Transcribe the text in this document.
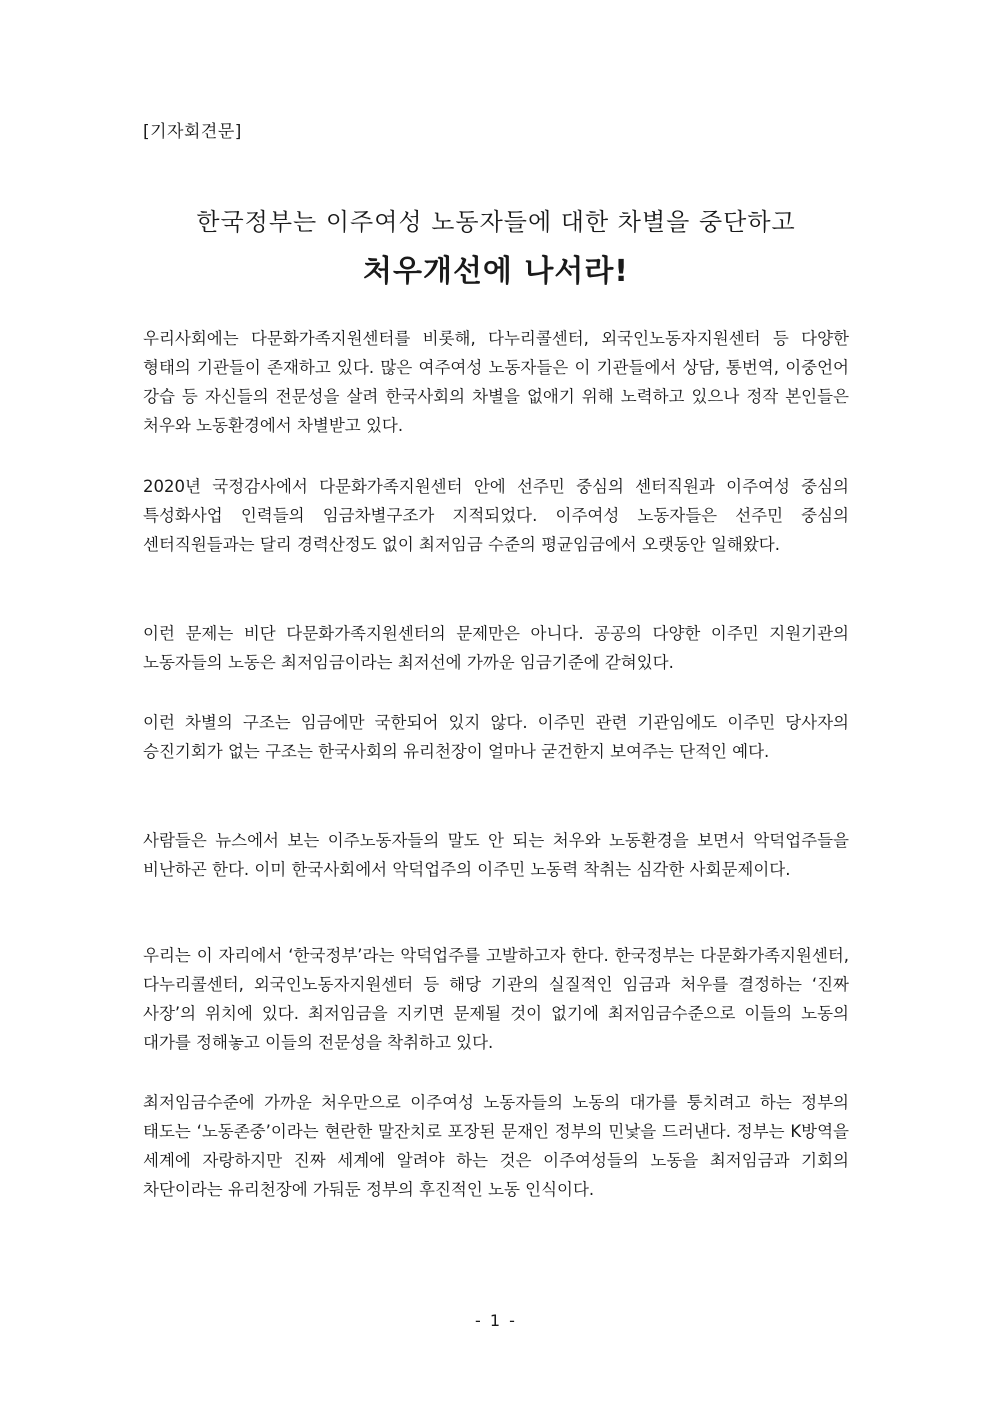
[기자회견문]
한국정부는 이주여성 노동자들에 대한 차별을 중단하고
처우개선에 나서라!
우리사회에는 다문화가족지원센터를 비롯해, 다누리콜센터, 외국인노동자지원센터 등 다양한 형태의 기관들이 존재하고 있다. 많은 여주여성 노동자들은 이 기관들에서 상담, 통번역, 이중언어 강습 등 자신들의 전문성을 살려 한국사회의 차별을 없애기 위해 노력하고 있으나 정작 본인들은 처우와 노동환경에서 차별받고 있다.
2020년 국정감사에서 다문화가족지원센터 안에 선주민 중심의 센터직원과 이주여성 중심의 특성화사업 인력들의 임금차별구조가 지적되었다. 이주여성 노동자들은 선주민 중심의 센터직원들과는 달리 경력산정도 없이 최저임금 수준의 평균임금에서 오랫동안 일해왔다.
이런 문제는 비단 다문화가족지원센터의 문제만은 아니다. 공공의 다양한 이주민 지원기관의 노동자들의 노동은 최저임금이라는 최저선에 가까운 임금기준에 갇혀있다.
이런 차별의 구조는 임금에만 국한되어 있지 않다. 이주민 관련 기관임에도 이주민 당사자의 승진기회가 없는 구조는 한국사회의 유리천장이 얼마나 굳건한지 보여주는 단적인 예다.
사람들은 뉴스에서 보는 이주노동자들의 말도 안 되는 처우와 노동환경을 보면서 악덕업주들을 비난하곤 한다. 이미 한국사회에서 악덕업주의 이주민 노동력 착취는 심각한 사회문제이다.
우리는 이 자리에서 ‘한국정부’라는 악덕업주를 고발하고자 한다. 한국정부는 다문화가족지원센터, 다누리콜센터, 외국인노동자지원센터 등 해당 기관의 실질적인 임금과 처우를 결정하는 ‘진짜 사장’의 위치에 있다. 최저임금을 지키면 문제될 것이 없기에 최저임금수준으로 이들의 노동의 대가를 정해놓고 이들의 전문성을 착취하고 있다.
최저임금수준에 가까운 처우만으로 이주여성 노동자들의 노동의 대가를 퉁치려고 하는 정부의 태도는 ‘노동존중’이라는 현란한 말잔치로 포장된 문재인 정부의 민낯을 드러낸다. 정부는 K방역을 세계에 자랑하지만 진짜 세계에 알려야 하는 것은 이주여성들의 노동을 최저임금과 기회의 차단이라는 유리천장에 가둬둔 정부의 후진적인 노동 인식이다.
- 1 -
